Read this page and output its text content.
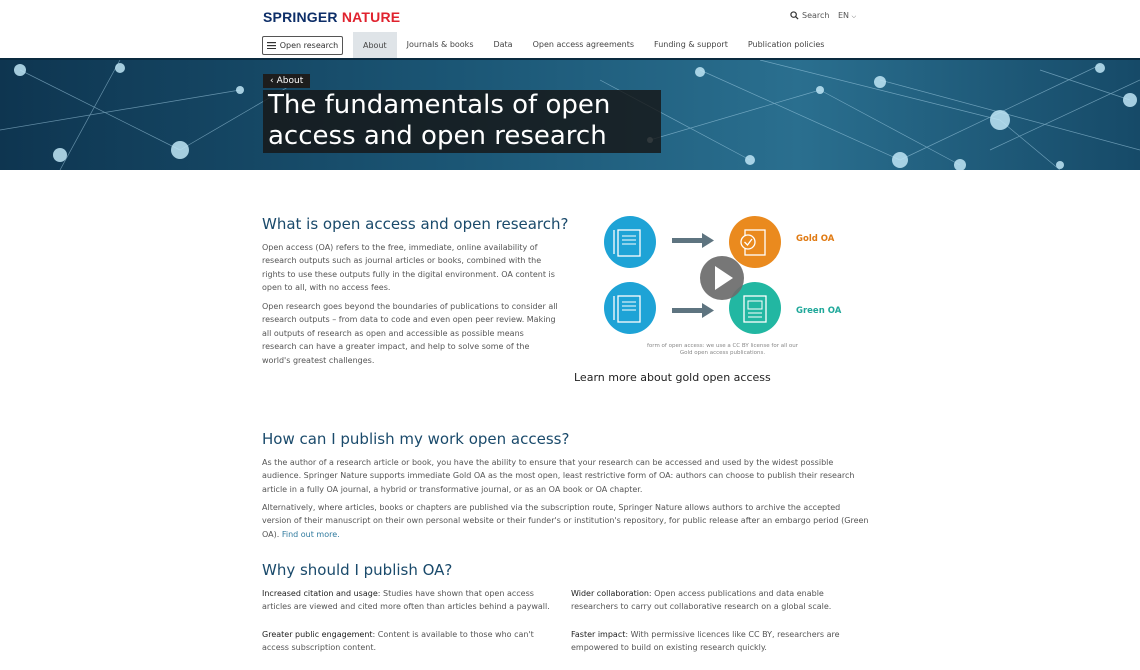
SPRINGER NATURE	Search EN ⌵
Open research	About	Journals & books	Data	Open access agreements	Funding & support	Publication policies
‹ About
The fundamentals of open access and open research
What is open access and open research?

Open access (OA) refers to the free, immediate, online availability of research outputs such as journal articles or books, combined with the rights to use these outputs fully in the digital environment. OA content is open to all, with no access fees.

Open research goes beyond the boundaries of publications to consider all research outputs – from data to code and even open peer review. Making all outputs of research as open and accessible as possible means research can have a greater impact, and help to solve some of the world's greatest challenges.

Gold OA
Green OA
form of open access: we use a CC BY license for all our Gold open access publications.
Learn more about gold open access
How can I publish my work open access?

As the author of a research article or book, you have the ability to ensure that your research can be accessed and used by the widest possible audience. Springer Nature supports immediate Gold OA as the most open, least restrictive form of OA: authors can choose to publish their research article in a fully OA journal, a hybrid or transformative journal, or as an OA book or OA chapter.

Alternatively, where articles, books or chapters are published via the subscription route, Springer Nature allows authors to archive the accepted version of their manuscript on their own personal website or their funder's or institution's repository, for public release after an embargo period (Green OA). Find out more.

Why should I publish OA?

Increased citation and usage: Studies have shown that open access articles are viewed and cited more often than articles behind a paywall.

Wider collaboration: Open access publications and data enable researchers to carry out collaborative research on a global scale.

Greater public engagement: Content is available to those who can't access subscription content.

Faster impact: With permissive licences like CC BY, researchers are empowered to build on existing research quickly.
